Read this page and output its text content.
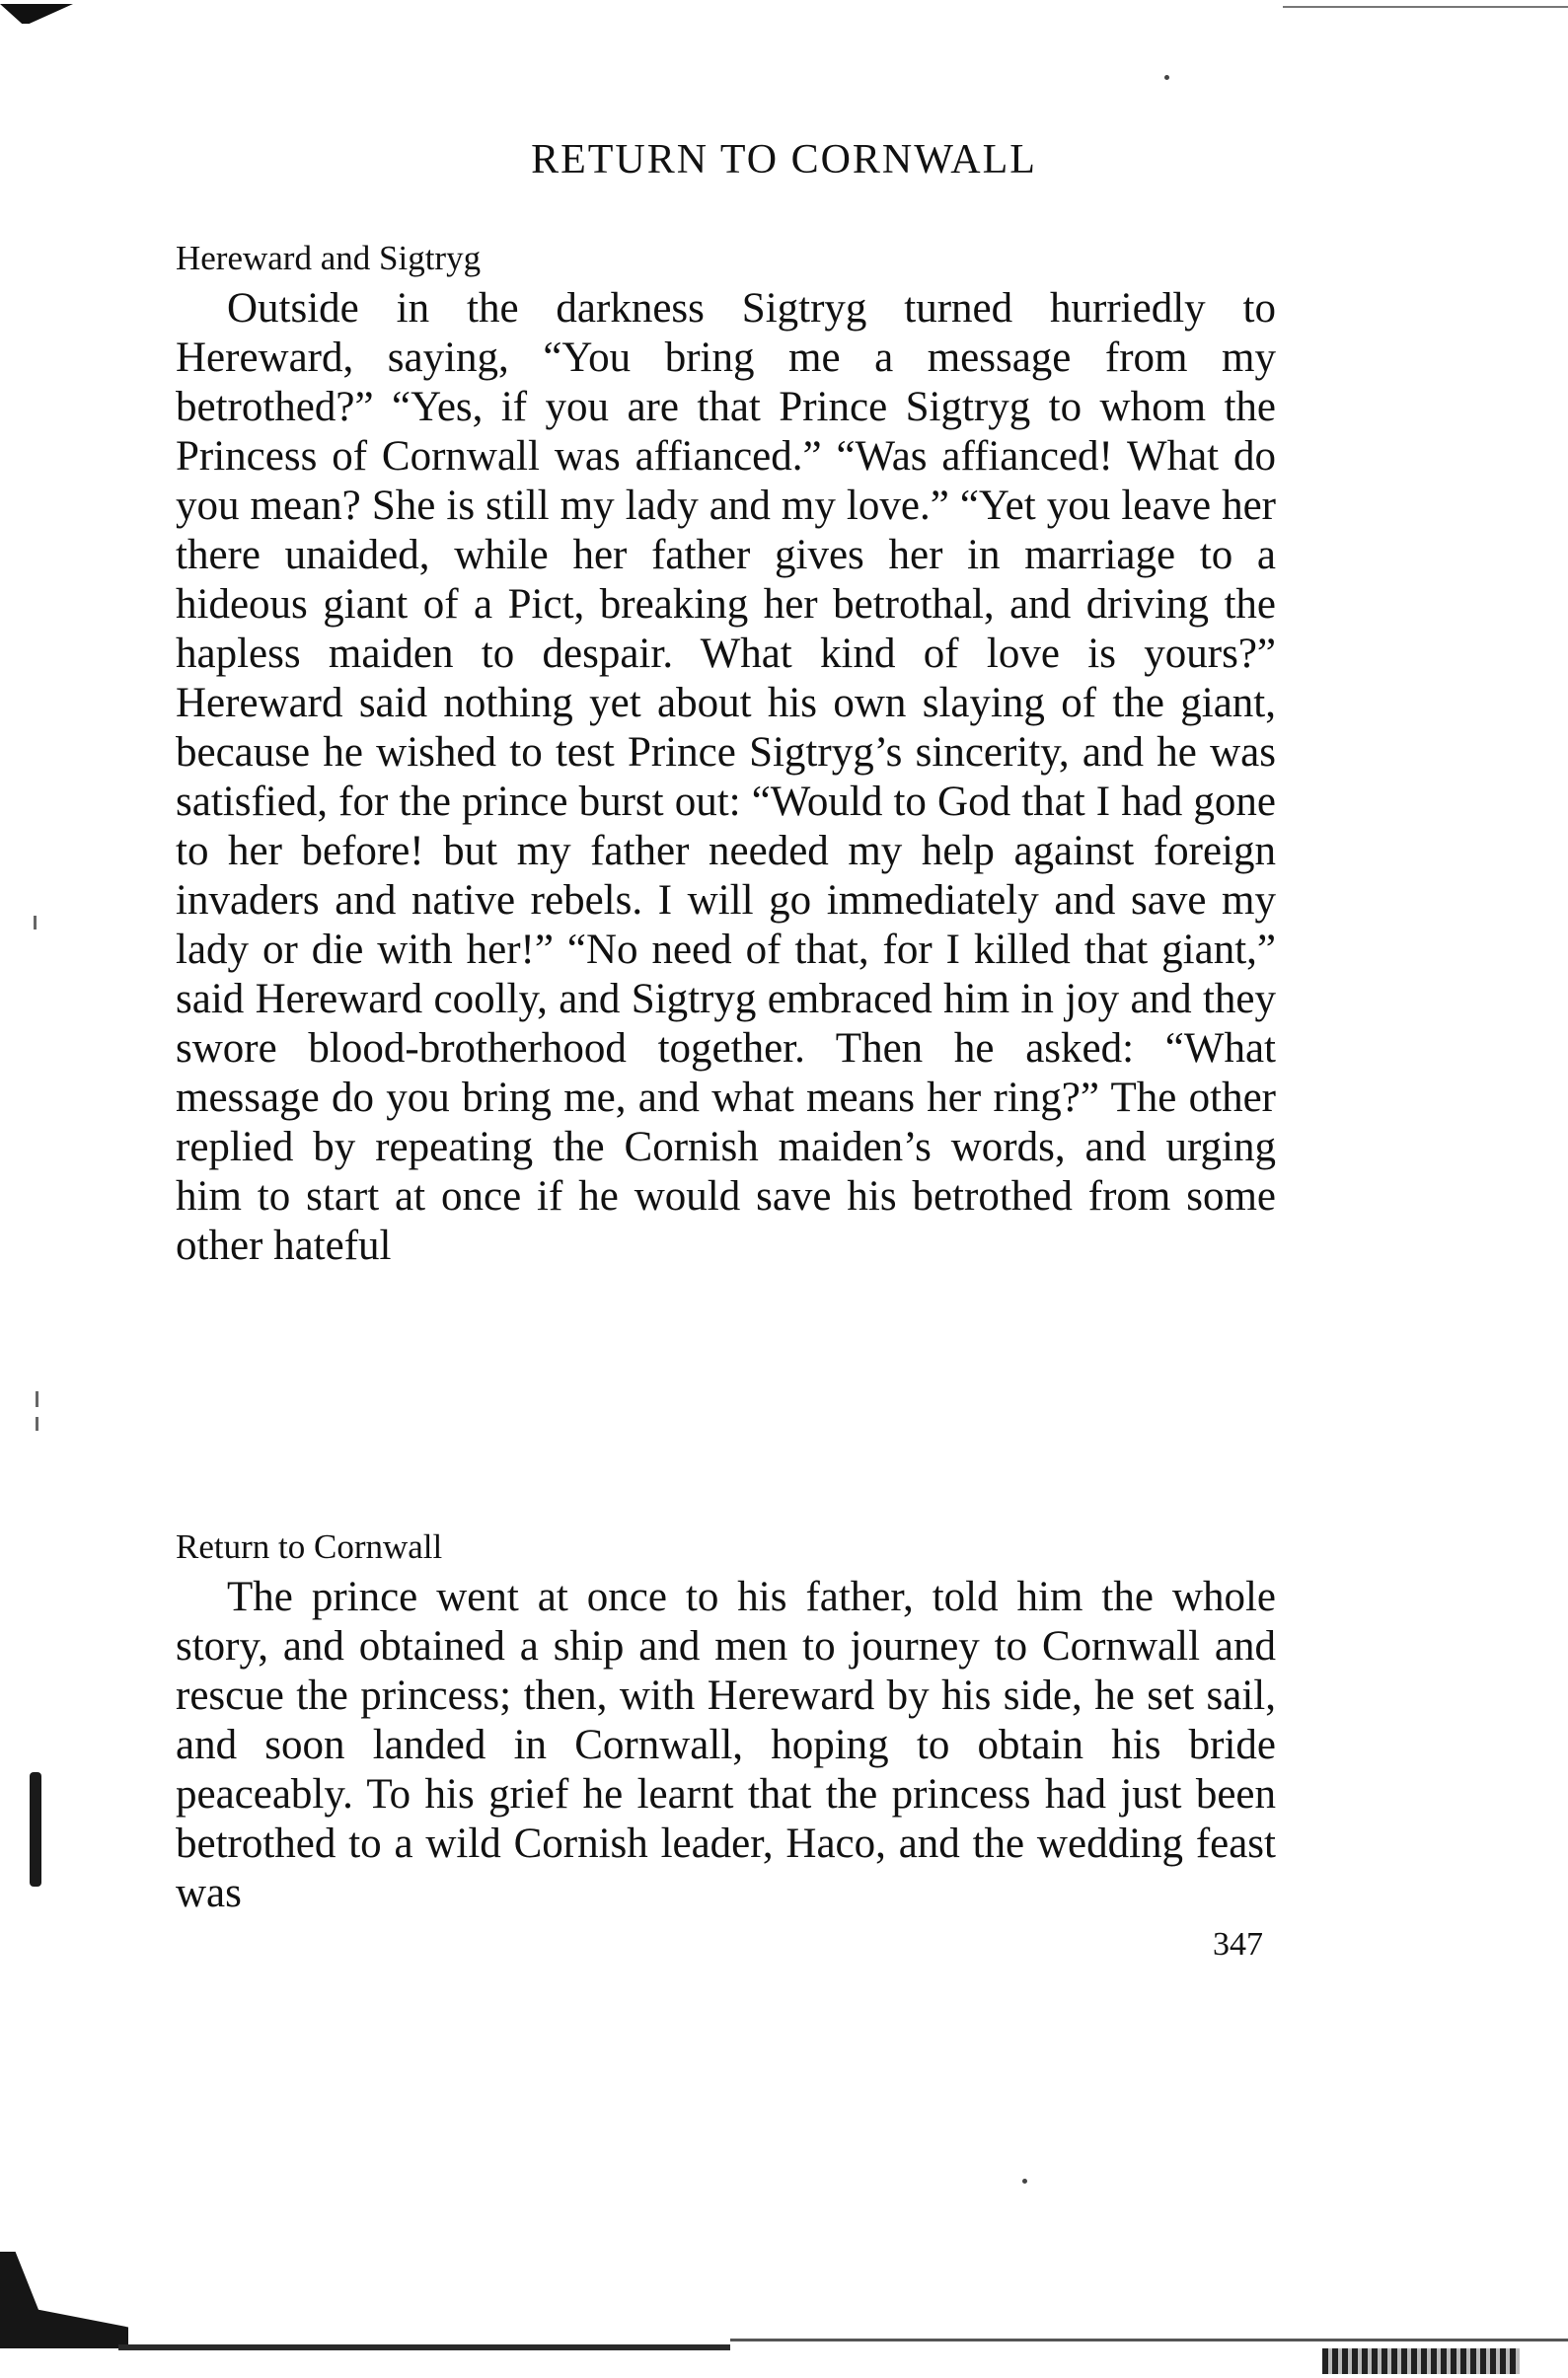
RETURN TO CORNWALL
Hereward and Sigtryg

Outside in the darkness Sigtryg turned hurriedly to Hereward, saying, “You bring me a message from my betrothed?” “Yes, if you are that Prince Sigtryg to whom the Princess of Cornwall was affianced.” “Was affianced! What do you mean? She is still my lady and my love.” “Yet you leave her there unaided, while her father gives her in marriage to a hideous giant of a Pict, breaking her betrothal, and driving the hapless maiden to despair. What kind of love is yours?” Hereward said nothing yet about his own slaying of the giant, because he wished to test Prince Sigtryg’s sincerity, and he was satisfied, for the prince burst out: “Would to God that I had gone to her before! but my father needed my help against foreign invaders and native rebels. I will go immediately and save my lady or die with her!” “No need of that, for I killed that giant,” said Hereward coolly, and Sigtryg embraced him in joy and they swore blood-brotherhood together. Then he asked: “What message do you bring me, and what means her ring?” The other replied by repeating the Cornish maiden’s words, and urging him to start at once if he would save his betrothed from some other hateful

Return to Cornwall

The prince went at once to his father, told him the whole story, and obtained a ship and men to journey to Cornwall and rescue the princess; then, with Hereward by his side, he set sail, and soon landed in Cornwall, hoping to obtain his bride peaceably. To his grief he learnt that the princess had just been betrothed to a wild Cornish leader, Haco, and the wedding feast was

347
